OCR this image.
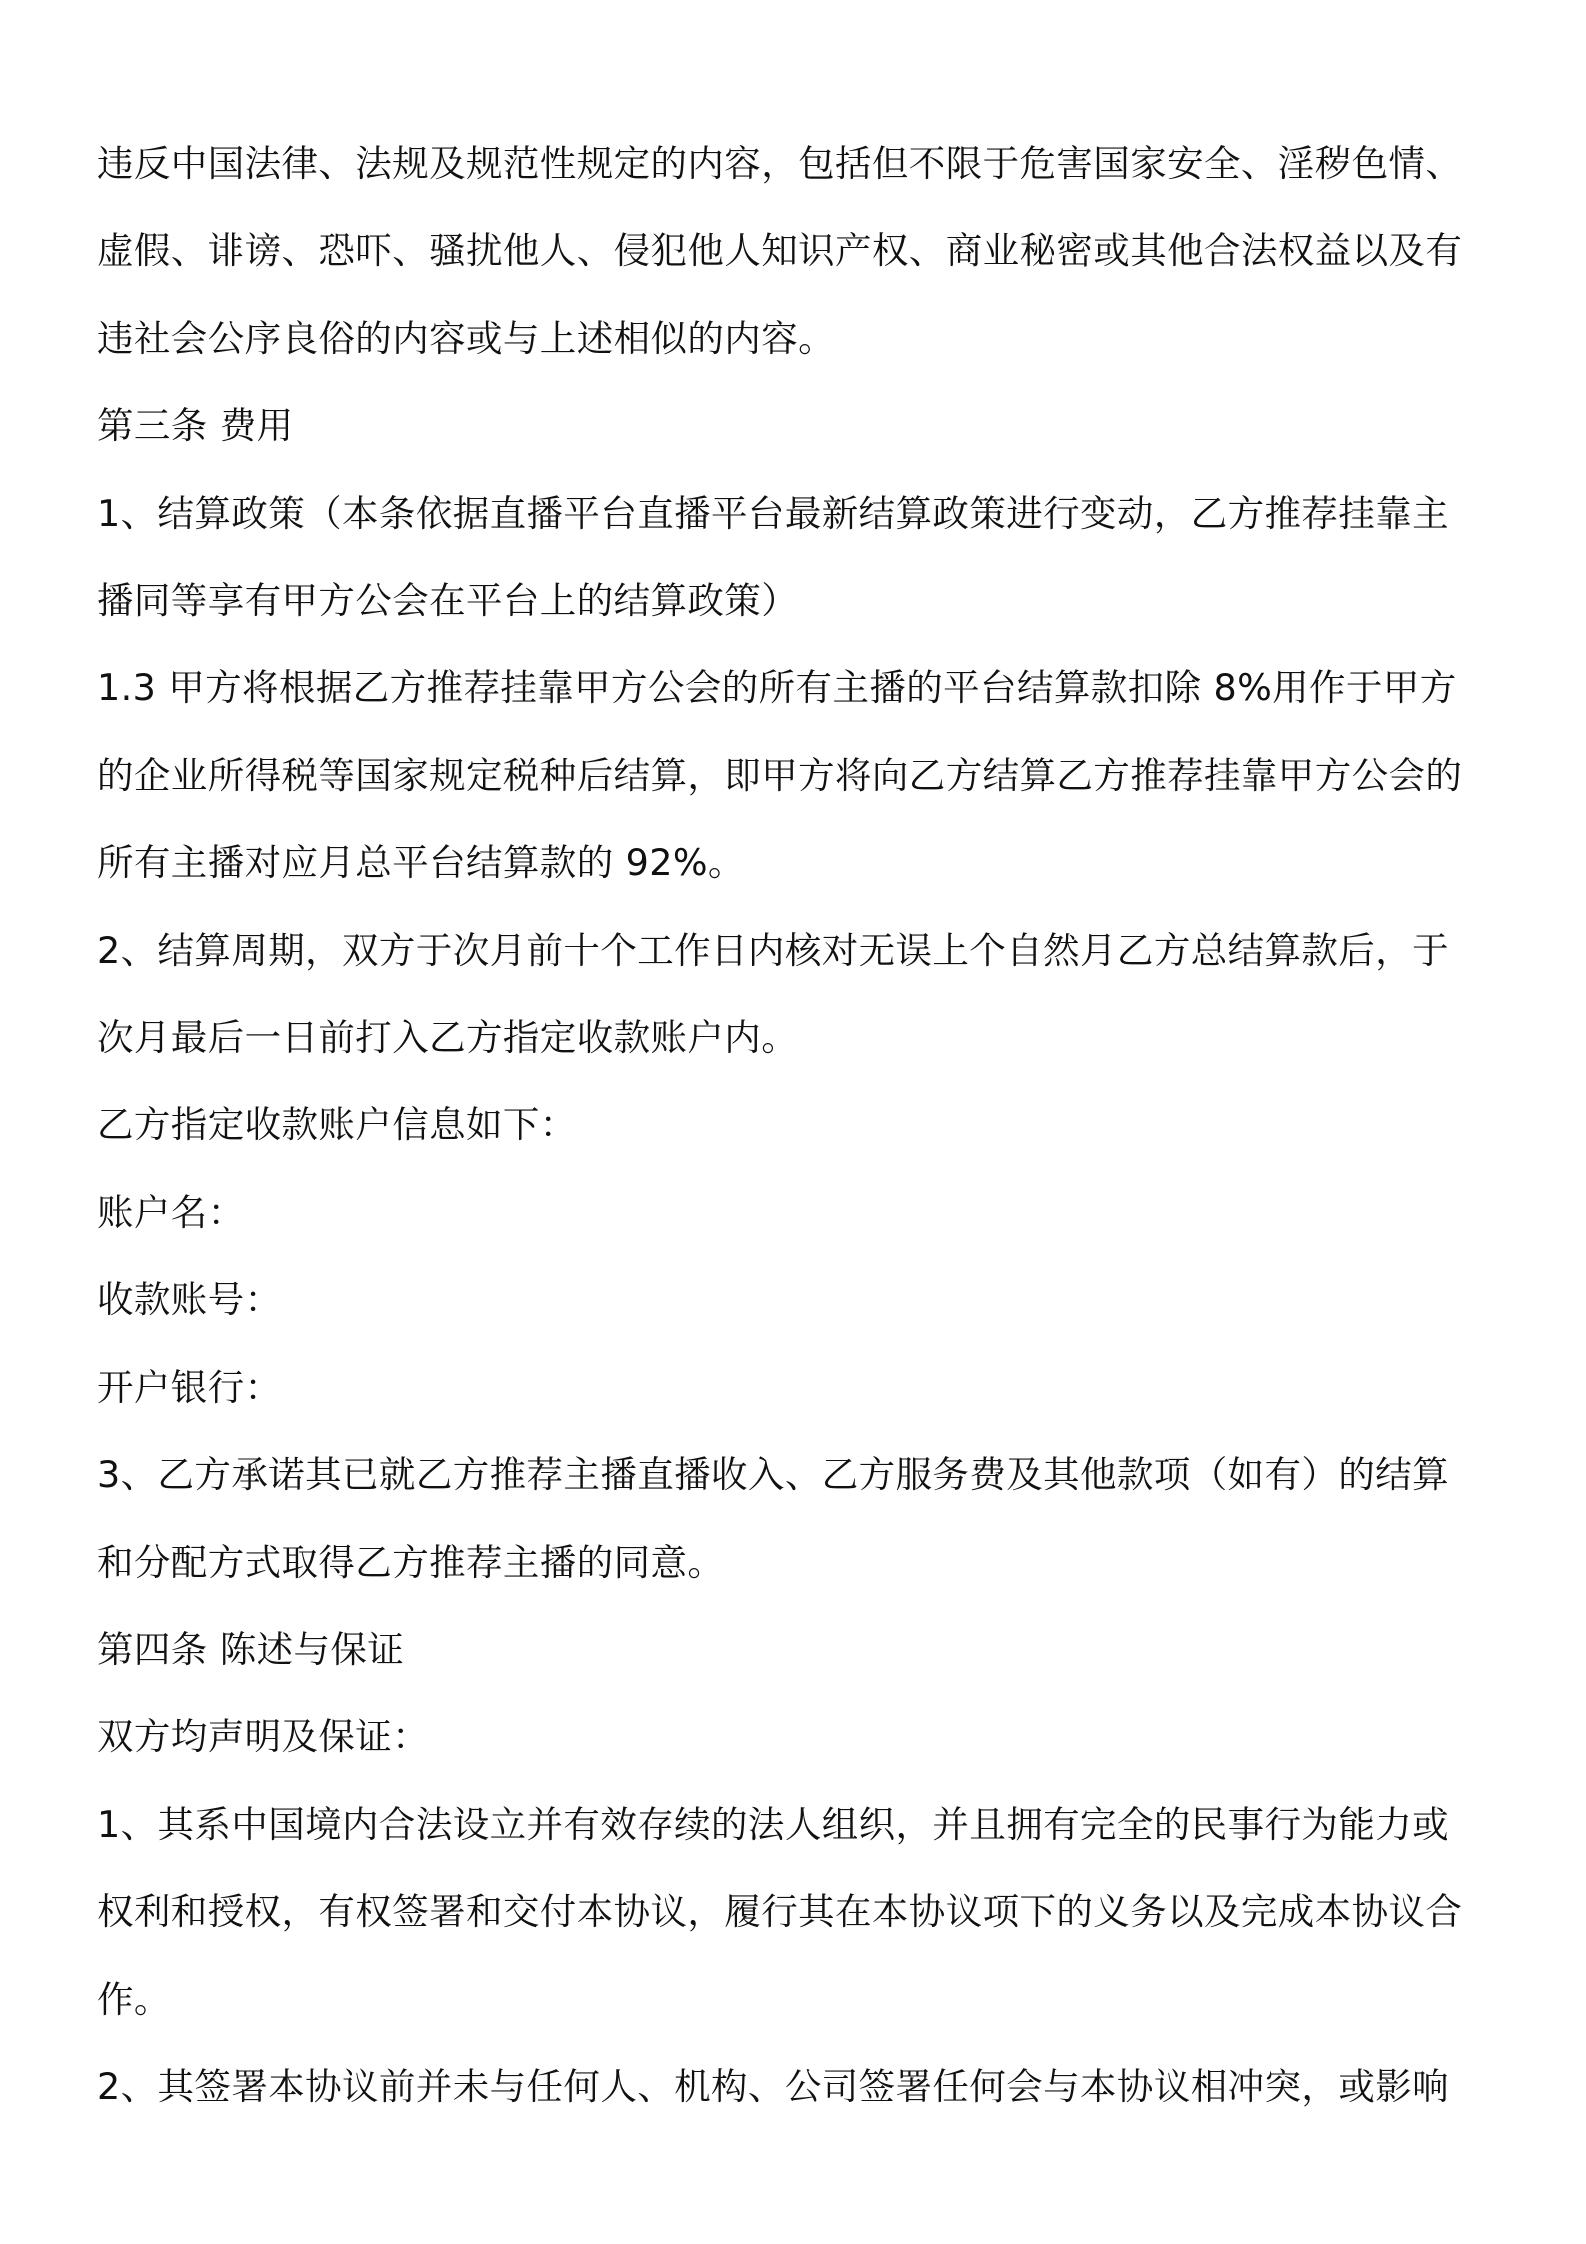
违反中国法律、法规及规范性规定的内容，包括但不限于危害国家安全、淫秽色情、

虚假、诽谤、恐吓、骚扰他人、侵犯他人知识产权、商业秘密或其他合法权益以及有

违社会公序良俗的内容或与上述相似的内容。

第三条 费用

1、结算政策（本条依据直播平台直播平台最新结算政策进行变动，乙方推荐挂靠主

播同等享有甲方公会在平台上的结算政策）

1.3 甲方将根据乙方推荐挂靠甲方公会的所有主播的平台结算款扣除 8%用作于甲方

的企业所得税等国家规定税种后结算，即甲方将向乙方结算乙方推荐挂靠甲方公会的

所有主播对应月总平台结算款的 92%。

2、结算周期，双方于次月前十个工作日内核对无误上个自然月乙方总结算款后，于

次月最后一日前打入乙方指定收款账户内。

乙方指定收款账户信息如下：

账户名：

收款账号：

开户银行：

3、乙方承诺其已就乙方推荐主播直播收入、乙方服务费及其他款项（如有）的结算

和分配方式取得乙方推荐主播的同意。

第四条 陈述与保证

双方均声明及保证：

1、其系中国境内合法设立并有效存续的法人组织，并且拥有完全的民事行为能力或

权利和授权，有权签署和交付本协议，履行其在本协议项下的义务以及完成本协议合

作。

2、其签署本协议前并未与任何人、机构、公司签署任何会与本协议相冲突，或影响
